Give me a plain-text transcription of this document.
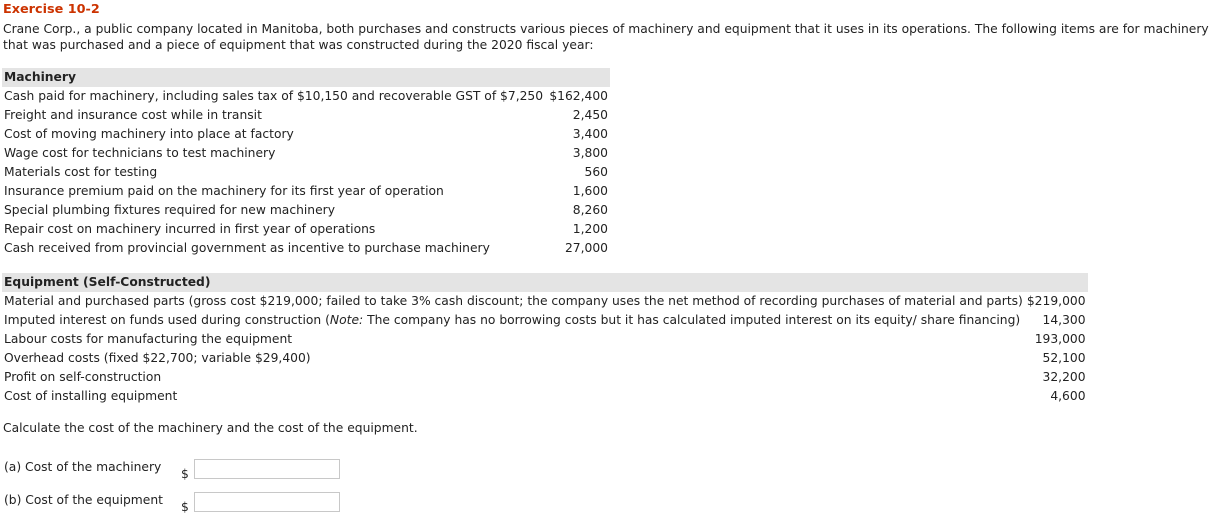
Exercise 10-2
Crane Corp., a public company located in Manitoba, both purchases and constructs various pieces of machinery and equipment that it uses in its operations. The following items are for machinery that was purchased and a piece of equipment that was constructed during the 2020 fiscal year:
Machinery	
Cash paid for machinery, including sales tax of $10,150 and recoverable GST of $7,250	$162,400
Freight and insurance cost while in transit	2,450
Cost of moving machinery into place at factory	3,400
Wage cost for technicians to test machinery	3,800
Materials cost for testing	560
Insurance premium paid on the machinery for its first year of operation	1,600
Special plumbing fixtures required for new machinery	8,260
Repair cost on machinery incurred in first year of operations	1,200
Cash received from provincial government as incentive to purchase machinery	27,000
Equipment (Self-Constructed)	
Material and purchased parts (gross cost $219,000; failed to take 3% cash discount; the company uses the net method of recording purchases of material and parts)	$219,000
Imputed interest on funds used during construction (Note: The company has no borrowing costs but it has calculated imputed interest on its equity/ share financing)	14,300
Labour costs for manufacturing the equipment	193,000
Overhead costs (fixed $22,700; variable $29,400)	52,100
Profit on self-construction	32,200
Cost of installing equipment	4,600
Calculate the cost of the machinery and the cost of the equipment.
(a) Cost of the machinery $
(b) Cost of the equipment $
